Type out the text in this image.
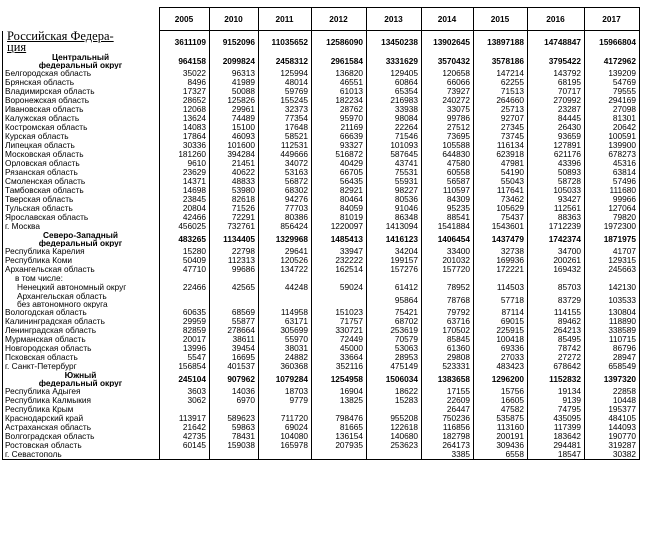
	2005	2010	2011	2012	2013	2014	2015	2016	2017
Российская Федера-
ция	3611109	9152096	11035652	12586090	13450238	13902645	13897188	14748847	15966804
Центральный
федеральный округ	964158	2099824	2458312	2961584	3331629	3570432	3578186	3795422	4172962
Белгородская область	35022	96313	125994	136820	129405	120658	147214	143792	139209
Брянская область	8496	41989	48014	46551	60864	66066	62255	68195	54769
Владимирская область	17327	50088	59769	61013	65354	73927	71513	70717	79555
Воронежская область	28652	125826	155245	182234	216983	240272	264660	270992	294169
Ивановская область	12068	29961	32373	28762	33938	33075	25713	23287	27098
Калужская область	13624	74489	77354	95970	98084	99786	92707	84445	81301
Костромская область	14083	15100	17648	21169	22264	27512	27345	26430	20642
Курская область	17864	46093	58521	66639	71546	73695	73745	93659	100591
Липецкая область	30336	101600	112531	93327	101093	105588	116134	127891	139900
Московская область	181260	394284	449666	516872	587645	644830	623918	621176	678273
Орловская область	9610	21451	34072	40429	43741	47580	47981	43396	45316
Рязанская область	23629	40622	53163	66705	75531	60558	54190	50893	63814
Смоленская область	14371	48833	56872	56435	55931	56587	55043	58728	57496
Тамбовская область	14698	53980	68302	82921	98227	110597	117641	105033	111680
Тверская область	23845	82618	94276	80464	80536	84309	73462	93427	99966
Тульская область	20804	71526	77703	84059	91046	95235	105629	112561	127064
Ярославская область	42466	72291	80386	81019	86348	88541	75437	88363	79820
г. Москва	456025	732761	856424	1220097	1413094	1541884	1543601	1712239	1972300
Северо-Западный
федеральный округ	483265	1134405	1329968	1485413	1416123	1406454	1437479	1742374	1871975
Республика Карелия	15280	22798	29641	33947	34204	33400	32738	34700	41707
Республика Коми	50409	112313	120526	232222	199157	201032	169936	200261	129315
Архангельская область	47710	99686	134722	162514	157276	157720	172221	169432	245663
в том числе:									
Ненецкий автономный округ	22466	42565	44248	59024	61412	78952	114503	85703	142130
Архангельская область
без автономного округа					95864	78768	57718	83729	103533
Вологодская область	60635	68569	114958	151023	75421	79792	87114	114155	130804
Калининградская область	29959	55877	63171	71757	68702	63716	69015	89462	118890
Ленинградская область	82859	278664	305699	330721	253619	170502	225915	264213	338589
Мурманская область	20017	38611	55970	72449	70579	85845	100418	85495	110715
Новгородская область	13996	39454	38031	45000	53063	61360	69336	78742	86796
Псковская область	5547	16695	24882	33664	28953	29808	27033	27272	28947
г. Санкт-Петербург	156854	401537	360368	352116	475149	523331	483423	678642	658549
Южный
федеральный округ	245104	907962	1079284	1254958	1506034	1383658	1296200	1152832	1397320
Республика Адыгея	3603	14036	18703	16904	18622	17155	15756	19134	22858
Республика Калмыкия	3062	6970	9779	13825	15283	22609	16605	9139	10448
Республика Крым						26447	47582	74795	195377
Краснодарский край	113917	589623	711720	798476	955208	750236	535875	435095	484105
Астраханская область	21642	59863	69024	81665	122618	116856	113160	117399	144093
Волгоградская область	42735	78431	104080	136154	140680	182798	200191	183642	190770
Ростовская область	60145	159038	165978	207935	253623	264173	309436	294481	319287
г. Севастополь						3385	6558	18547	30382
